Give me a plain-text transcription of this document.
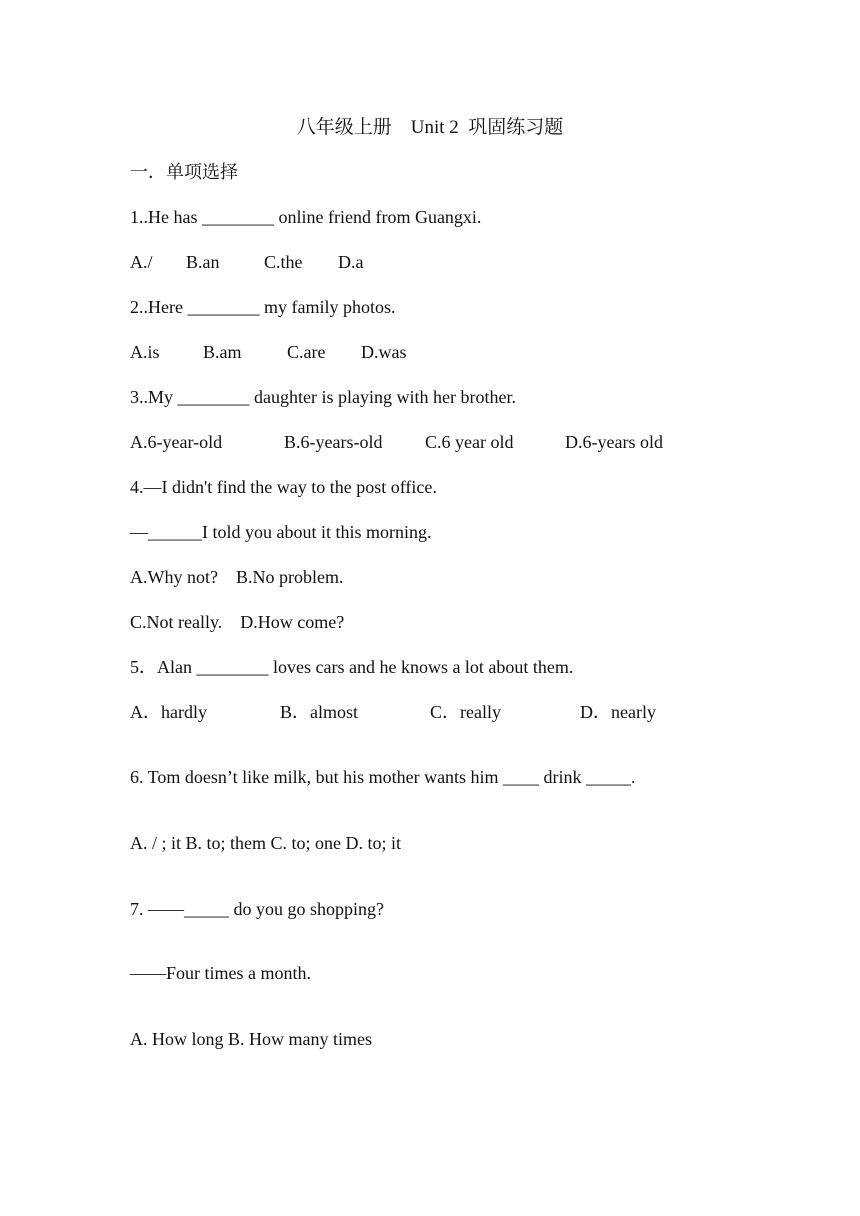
八年级上册　Unit 2  巩固练习题
一．单项选择
1..He has ________ online friend from Guangxi.
A./ B.an C.the D.a
2..Here ________ my family photos.
A.is B.am	C.are D.was
3..My ________ daughter is playing with her brother.
A.6-year-old	B.6-years-old C.6 year old	D.6-years old
4.—I didn't find the way to the post office.
—______I told you about it this morning.
A.Why not?    B.No problem.
C.Not really.    D.How come?
5．Alan ________ loves cars and he knows a lot about them.
A．hardly	B．almost	C．really	D．nearly
6. Tom doesn’t like milk, but his mother wants him ____ drink _____.
A. / ; it B. to; them C. to; one D. to; it
7. ——_____ do you go shopping?
——Four times a month.
A. How long B. How many times
